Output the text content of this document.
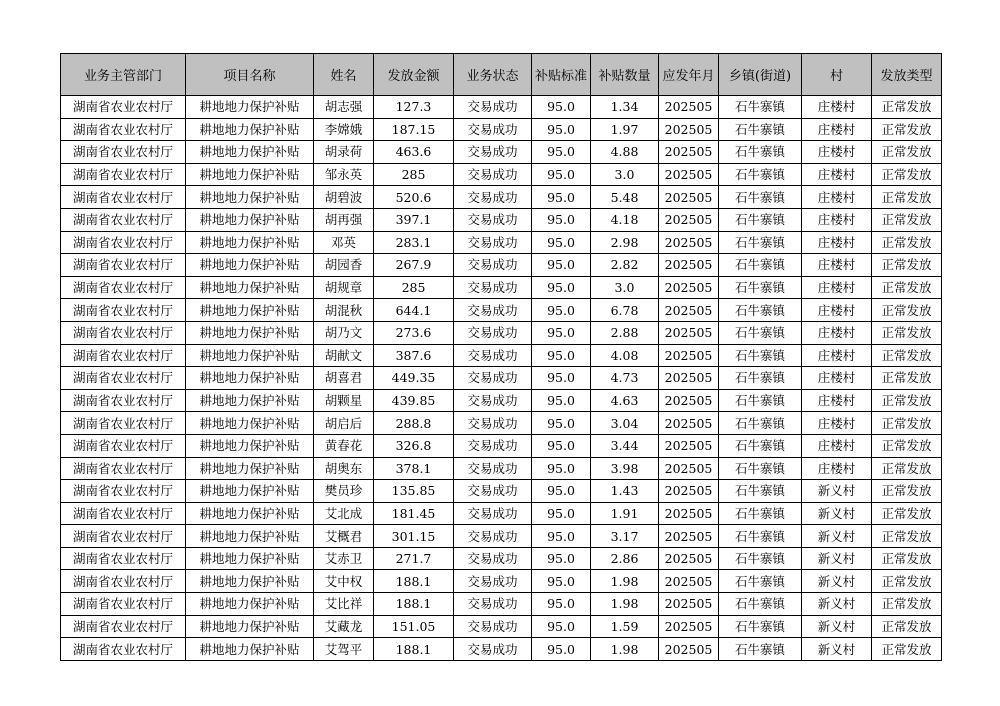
业务主管部门	项目名称	姓名	发放金额	业务状态	补贴标准	补贴数量	应发年月	乡镇(街道)	村	发放类型
湖南省农业农村厅	耕地地力保护补贴	胡志强	127.3	交易成功	95.0	1.34	202505	石牛寨镇	庄楼村	正常发放
湖南省农业农村厅	耕地地力保护补贴	李嫦娥	187.15	交易成功	95.0	1.97	202505	石牛寨镇	庄楼村	正常发放
湖南省农业农村厅	耕地地力保护补贴	胡录荷	463.6	交易成功	95.0	4.88	202505	石牛寨镇	庄楼村	正常发放
湖南省农业农村厅	耕地地力保护补贴	邹永英	285	交易成功	95.0	3.0	202505	石牛寨镇	庄楼村	正常发放
湖南省农业农村厅	耕地地力保护补贴	胡碧波	520.6	交易成功	95.0	5.48	202505	石牛寨镇	庄楼村	正常发放
湖南省农业农村厅	耕地地力保护补贴	胡再强	397.1	交易成功	95.0	4.18	202505	石牛寨镇	庄楼村	正常发放
湖南省农业农村厅	耕地地力保护补贴	邓英	283.1	交易成功	95.0	2.98	202505	石牛寨镇	庄楼村	正常发放
湖南省农业农村厅	耕地地力保护补贴	胡园香	267.9	交易成功	95.0	2.82	202505	石牛寨镇	庄楼村	正常发放
湖南省农业农村厅	耕地地力保护补贴	胡规章	285	交易成功	95.0	3.0	202505	石牛寨镇	庄楼村	正常发放
湖南省农业农村厅	耕地地力保护补贴	胡混秋	644.1	交易成功	95.0	6.78	202505	石牛寨镇	庄楼村	正常发放
湖南省农业农村厅	耕地地力保护补贴	胡乃文	273.6	交易成功	95.0	2.88	202505	石牛寨镇	庄楼村	正常发放
湖南省农业农村厅	耕地地力保护补贴	胡献文	387.6	交易成功	95.0	4.08	202505	石牛寨镇	庄楼村	正常发放
湖南省农业农村厅	耕地地力保护补贴	胡喜君	449.35	交易成功	95.0	4.73	202505	石牛寨镇	庄楼村	正常发放
湖南省农业农村厅	耕地地力保护补贴	胡颗星	439.85	交易成功	95.0	4.63	202505	石牛寨镇	庄楼村	正常发放
湖南省农业农村厅	耕地地力保护补贴	胡启后	288.8	交易成功	95.0	3.04	202505	石牛寨镇	庄楼村	正常发放
湖南省农业农村厅	耕地地力保护补贴	黄春花	326.8	交易成功	95.0	3.44	202505	石牛寨镇	庄楼村	正常发放
湖南省农业农村厅	耕地地力保护补贴	胡奥东	378.1	交易成功	95.0	3.98	202505	石牛寨镇	庄楼村	正常发放
湖南省农业农村厅	耕地地力保护补贴	樊员珍	135.85	交易成功	95.0	1.43	202505	石牛寨镇	新义村	正常发放
湖南省农业农村厅	耕地地力保护补贴	艾北成	181.45	交易成功	95.0	1.91	202505	石牛寨镇	新义村	正常发放
湖南省农业农村厅	耕地地力保护补贴	艾概君	301.15	交易成功	95.0	3.17	202505	石牛寨镇	新义村	正常发放
湖南省农业农村厅	耕地地力保护补贴	艾赤卫	271.7	交易成功	95.0	2.86	202505	石牛寨镇	新义村	正常发放
湖南省农业农村厅	耕地地力保护补贴	艾中权	188.1	交易成功	95.0	1.98	202505	石牛寨镇	新义村	正常发放
湖南省农业农村厅	耕地地力保护补贴	艾比祥	188.1	交易成功	95.0	1.98	202505	石牛寨镇	新义村	正常发放
湖南省农业农村厅	耕地地力保护补贴	艾藏龙	151.05	交易成功	95.0	1.59	202505	石牛寨镇	新义村	正常发放
湖南省农业农村厅	耕地地力保护补贴	艾驾平	188.1	交易成功	95.0	1.98	202505	石牛寨镇	新义村	正常发放
